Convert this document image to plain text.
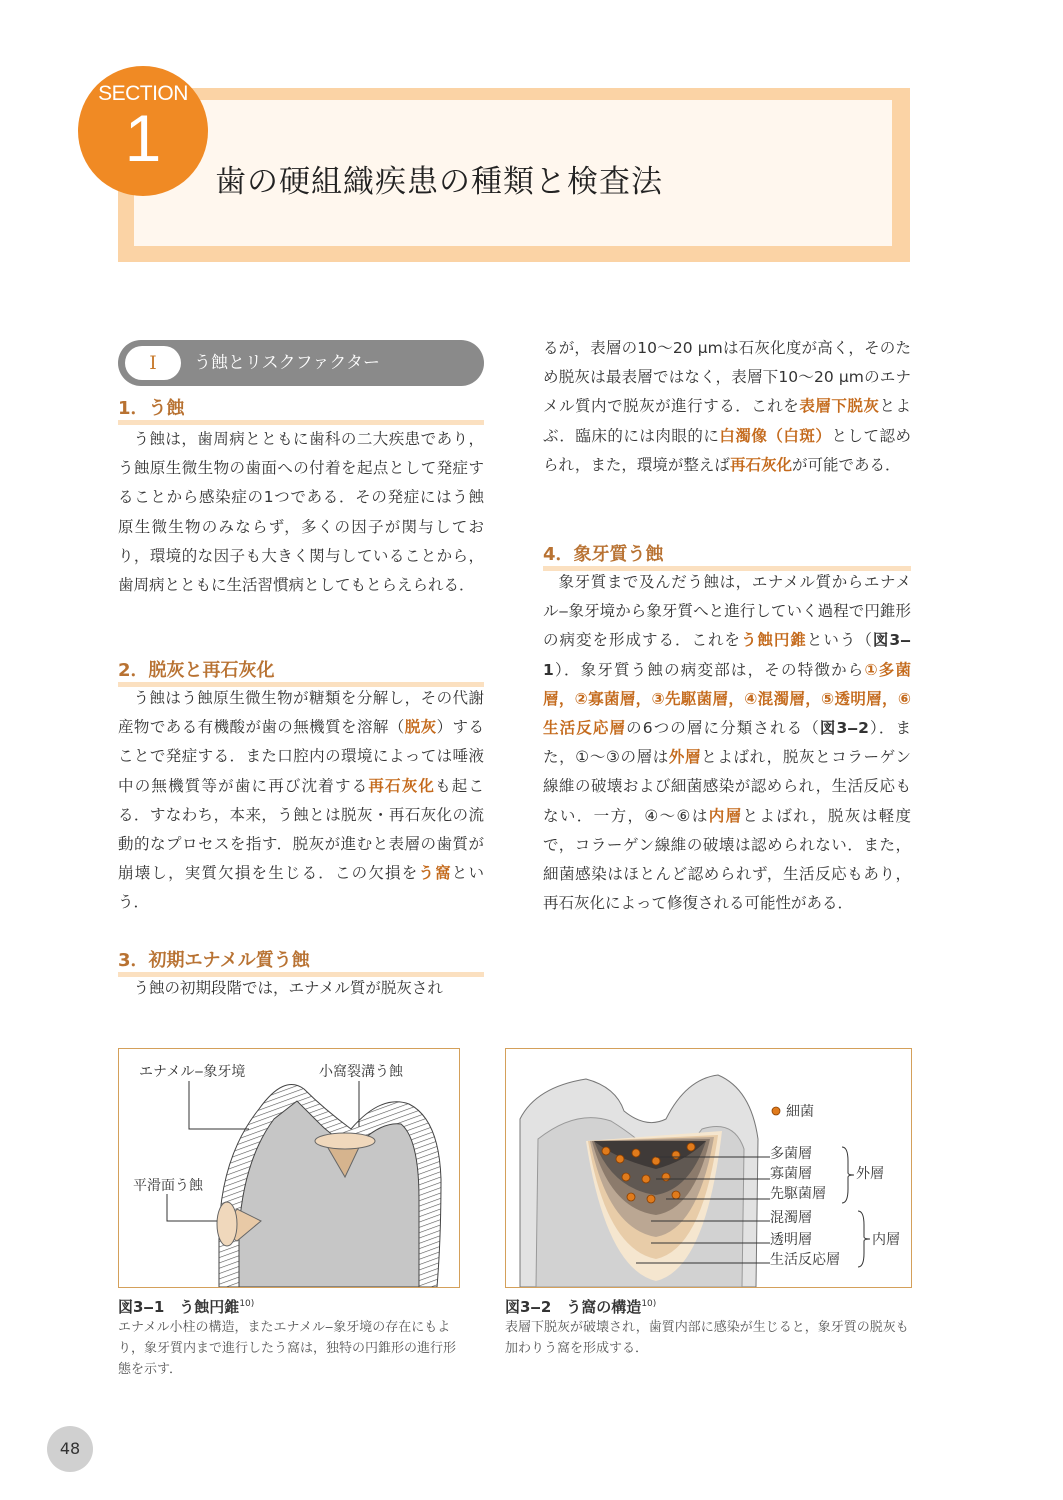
SECTION
1
歯の硬組織疾患の種類と検査法
I	う蝕とリスクファクター
1．う蝕
う蝕は，歯周病とともに歯科の二大疾患であり，う蝕原生微生物の歯面への付着を起点として発症することから感染症の1つである．その発症にはう蝕原生微生物のみならず，多くの因子が関与しており，環境的な因子も大きく関与していることから，歯周病とともに生活習慣病としてもとらえられる．
2．脱灰と再石灰化
う蝕はう蝕原生微生物が糖類を分解し，その代謝産物である有機酸が歯の無機質を溶解（脱灰）することで発症する．また口腔内の環境によっては唾液中の無機質等が歯に再び沈着する再石灰化も起こる．すなわち，本来，う蝕とは脱灰・再石灰化の流動的なプロセスを指す．脱灰が進むと表層の歯質が崩壊し，実質欠損を生じる．この欠損をう窩という．
3．初期エナメル質う蝕
う蝕の初期段階では，エナメル質が脱灰され
るが，表層の10〜20 μmは石灰化度が高く，そのため脱灰は最表層ではなく，表層下10〜20 μmのエナメル質内で脱灰が進行する．これを表層下脱灰とよぶ．臨床的には肉眼的に白濁像（白斑）として認められ，また，環境が整えば再石灰化が可能である．
4．象牙質う蝕
象牙質まで及んだう蝕は，エナメル質からエナメル‒象牙境から象牙質へと進行していく過程で円錐形の病変を形成する．これをう蝕円錐という（図3‒1）．象牙質う蝕の病変部は，その特徴から①多菌層，②寡菌層，③先駆菌層，④混濁層，⑤透明層，⑥生活反応層の6つの層に分類される（図3‒2）．また，①〜③の層は外層とよばれ，脱灰とコラーゲン線維の破壊および細菌感染が認められ，生活反応もない．一方，④〜⑥は内層とよばれ，脱灰は軽度で，コラーゲン線維の破壊は認められない．また，細菌感染はほとんど認められず，生活反応もあり，再石灰化によって修復される可能性がある．
エナメル‒象牙境	小窩裂溝う蝕
平滑面う蝕
図3‒1　う蝕円錐$^{10)}$
エナメル小柱の構造，またエナメル‒象牙境の存在にもより，象牙質内まで進行したう窩は，独特の円錐形の進行形態を示す．
細菌
多菌層
寡菌層
先駆菌層
混濁層
透明層
生活反応層
外層
内層
図3‒2　う窩の構造$^{10)}$
表層下脱灰が破壊され，歯質内部に感染が生じると，象牙質の脱灰も加わりう窩を形成する．
48
